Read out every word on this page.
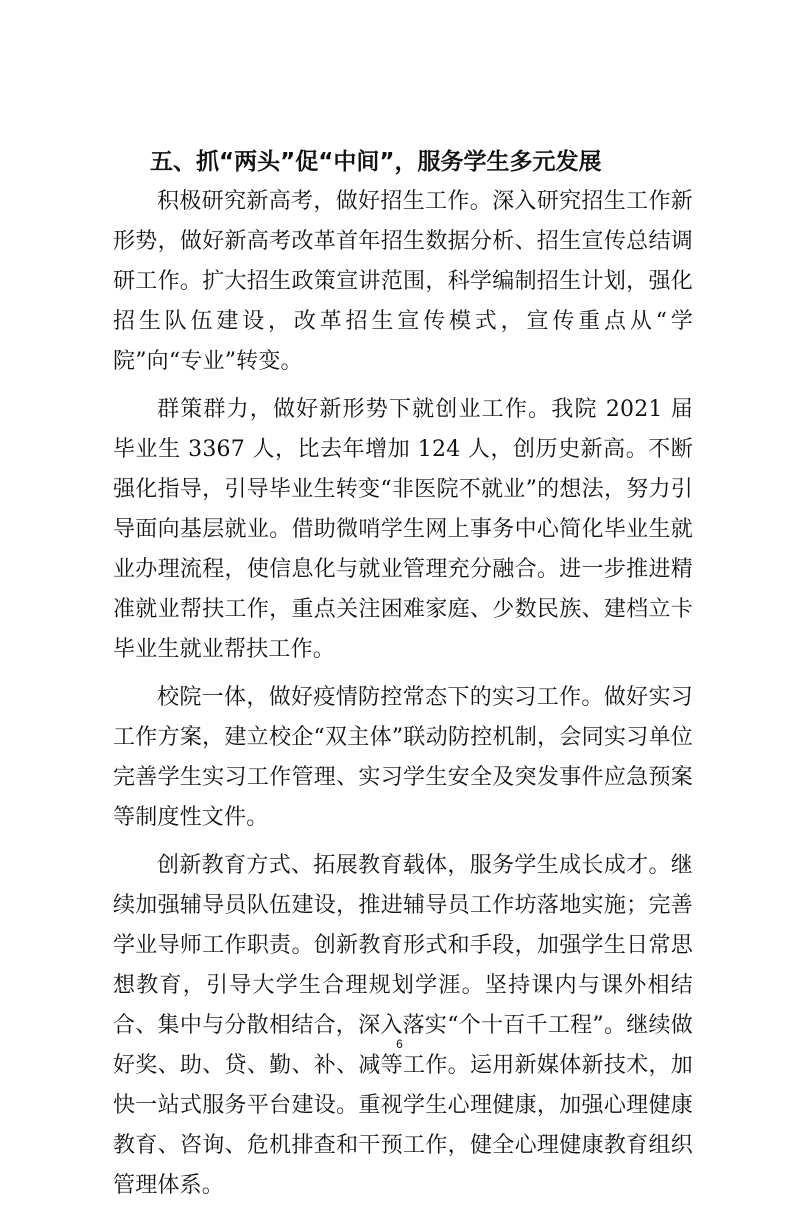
五、抓“两头”促“中间”，服务学生多元发展

积极研究新高考，做好招生工作。深入研究招生工作新形势，做好新高考改革首年招生数据分析、招生宣传总结调研工作。扩大招生政策宣讲范围，科学编制招生计划，强化招生队伍建设，改革招生宣传模式，宣传重点从“学院”向“专业”转变。

群策群力，做好新形势下就创业工作。我院 2021 届毕业生 3367 人，比去年增加 124 人，创历史新高。不断强化指导，引导毕业生转变“非医院不就业”的想法，努力引导面向基层就业。借助微哨学生网上事务中心简化毕业生就业办理流程，使信息化与就业管理充分融合。进一步推进精准就业帮扶工作，重点关注困难家庭、少数民族、建档立卡毕业生就业帮扶工作。

校院一体，做好疫情防控常态下的实习工作。做好实习工作方案，建立校企“双主体”联动防控机制，会同实习单位完善学生实习工作管理、实习学生安全及突发事件应急预案等制度性文件。

创新教育方式、拓展教育载体，服务学生成长成才。继续加强辅导员队伍建设，推进辅导员工作坊落地实施；完善学业导师工作职责。创新教育形式和手段，加强学生日常思想教育，引导大学生合理规划学涯。坚持课内与课外相结合、集中与分散相结合，深入落实“个十百千工程”。继续做好奖、助、贷、勤、补、减等工作。运用新媒体新技术，加快一站式服务平台建设。重视学生心理健康，加强心理健康教育、咨询、危机排查和干预工作，健全心理健康教育组织管理体系。

6
